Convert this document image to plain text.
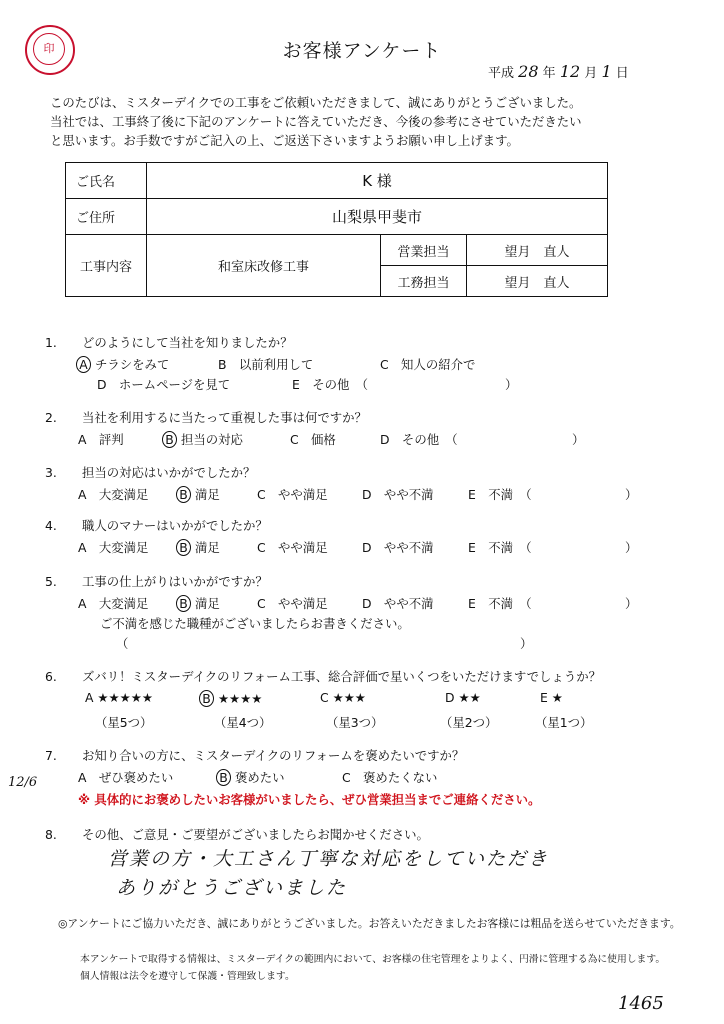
印	お客様アンケート
平成 28 年 12 月 1 日
このたびは、ミスターデイクでの工事をご依頼いただきまして、誠にありがとうございました。
当社では、工事終了後に下記のアンケートに答えていただき、今後の参考にさせていただきたい
と思います。お手数ですがご記入の上、ご返送下さいますようお願い申し上げます。
ご氏名	K 様		
ご住所	山梨県甲斐市		
工事内容	和室床改修工事	営業担当	望月　直人
		工務担当	望月　直人
1. どのようにして当社を知りましたか？
A チラシをみて	B　以前利用して	C　知人の紹介で
D　ホームページを見て	E　その他　（	）
2. 当社を利用するに当たって重視した事は何ですか？
A　評判	B 担当の対応	C　価格	D　その他　（	）
3. 担当の対応はいかがでしたか？
A　大変満足 B 満足	C　やや満足	D　やや不満	E　不満　（	）
4. 職人のマナーはいかがでしたか？
A　大変満足 B 満足	C　やや満足	D　やや不満	E　不満　（	）
5. 工事の仕上がりはいかがですか？
A　大変満足 B 満足	C　やや満足	D　やや不満	E　不満　（	）
ご不満を感じた職種がございましたらお書きください。
（	）
6. ズバリ！ミスターデイクのリフォーム工事、総合評価で星いくつをいただけますでしょうか？
A ★★★★★	B ★★★★	C ★★★	D ★★	E ★
（星5つ）	（星4つ）	（星3つ）	（星2つ）	（星1つ）
7. お知り合いの方に、ミスターデイクのリフォームを褒めたいですか？
A　ぜひ褒めたい	B 褒めたい	C　褒めたくない
※ 具体的にお褒めしたいお客様がいましたら、ぜひ営業担当までご連絡ください。
12/6
8. その他、ご意見・ご要望がございましたらお聞かせください。
営業の方・大工さん丁寧な対応をしていただき
ありがとうございました
◎アンケートにご協力いただき、誠にありがとうございました。お答えいただきましたお客様には粗品を送らせていただきます。
本アンケートで取得する情報は、ミスターデイクの範囲内において、お客様の住宅管理をよりよく、円滑に管理する為に使用します。
個人情報は法令を遵守して保護・管理致します。
1465
